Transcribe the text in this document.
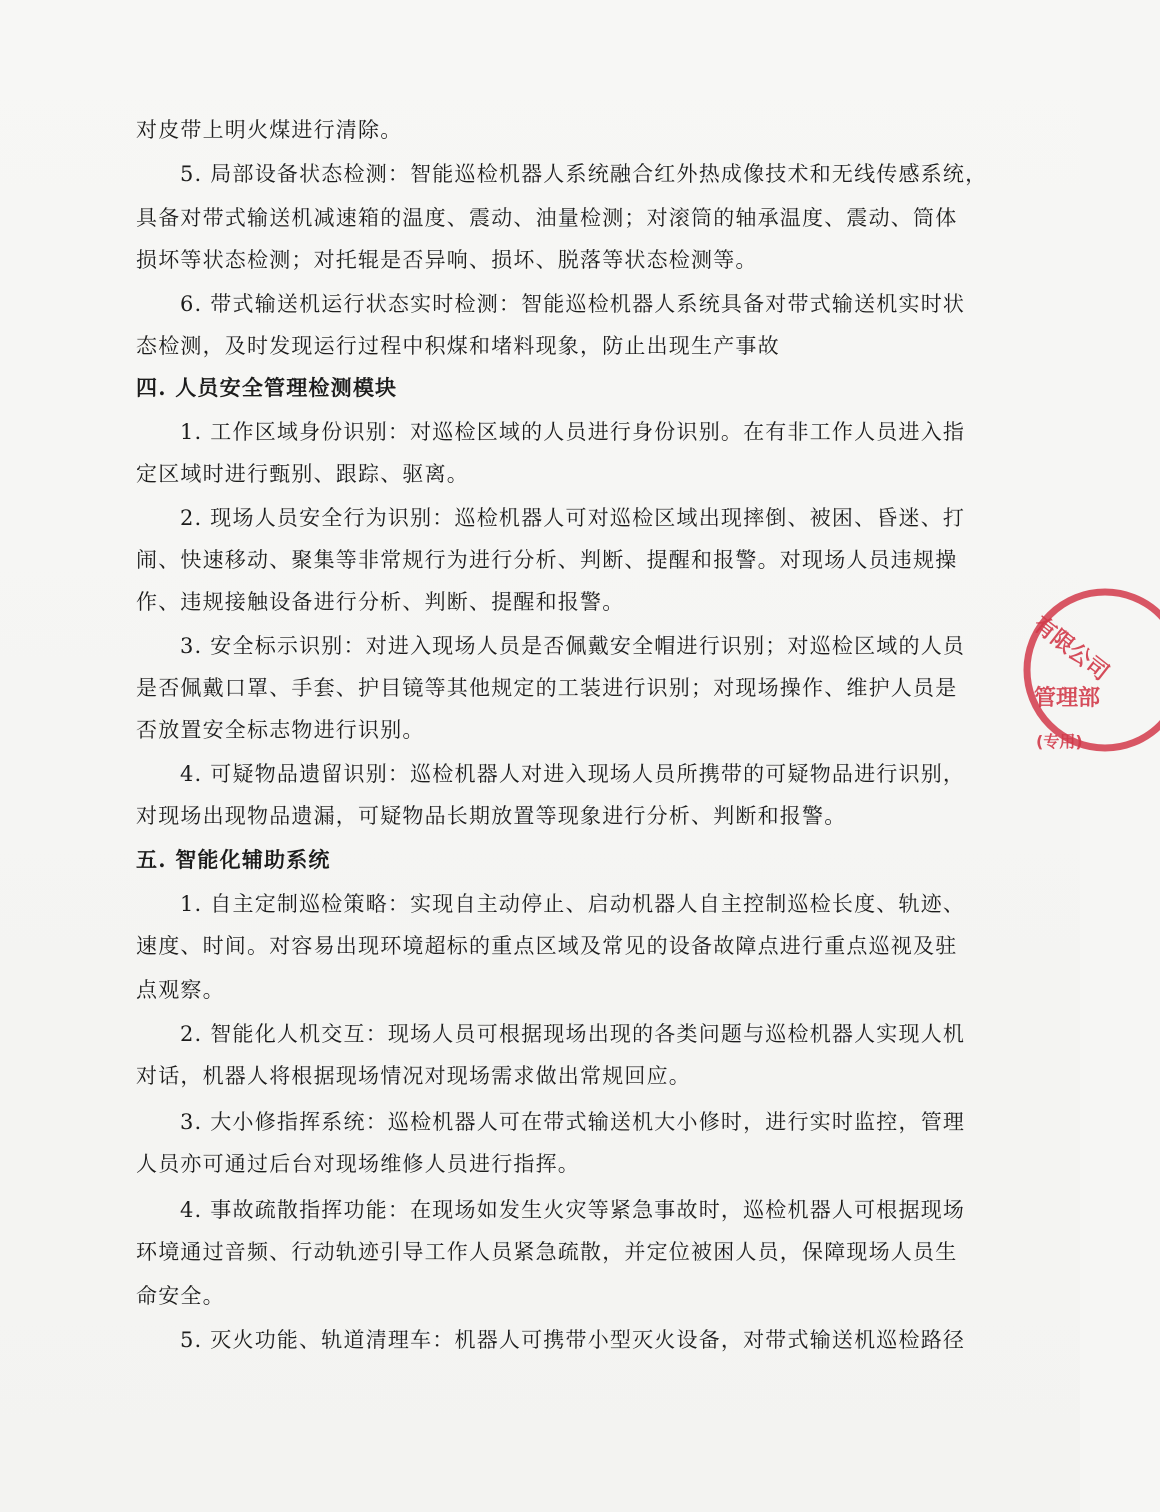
对皮带上明火煤进行清除。
5. 局部设备状态检测：智能巡检机器人系统融合红外热成像技术和无线传感系统，
具备对带式输送机减速箱的温度、震动、油量检测；对滚筒的轴承温度、震动、筒体
损坏等状态检测；对托辊是否异响、损坏、脱落等状态检测等。
6. 带式输送机运行状态实时检测：智能巡检机器人系统具备对带式输送机实时状
态检测，及时发现运行过程中积煤和堵料现象，防止出现生产事故
四. 人员安全管理检测模块
1. 工作区域身份识别：对巡检区域的人员进行身份识别。在有非工作人员进入指
定区域时进行甄别、跟踪、驱离。
2. 现场人员安全行为识别：巡检机器人可对巡检区域出现摔倒、被困、昏迷、打
闹、快速移动、聚集等非常规行为进行分析、判断、提醒和报警。对现场人员违规操
作、违规接触设备进行分析、判断、提醒和报警。
3. 安全标示识别：对进入现场人员是否佩戴安全帽进行识别；对巡检区域的人员
是否佩戴口罩、手套、护目镜等其他规定的工装进行识别；对现场操作、维护人员是
否放置安全标志物进行识别。
4. 可疑物品遗留识别：巡检机器人对进入现场人员所携带的可疑物品进行识别，
对现场出现物品遗漏，可疑物品长期放置等现象进行分析、判断和报警。
五. 智能化辅助系统
1. 自主定制巡检策略：实现自主动停止、启动机器人自主控制巡检长度、轨迹、
速度、时间。对容易出现环境超标的重点区域及常见的设备故障点进行重点巡视及驻
点观察。
2. 智能化人机交互：现场人员可根据现场出现的各类问题与巡检机器人实现人机
对话，机器人将根据现场情况对现场需求做出常规回应。
3. 大小修指挥系统：巡检机器人可在带式输送机大小修时，进行实时监控，管理
人员亦可通过后台对现场维修人员进行指挥。
4. 事故疏散指挥功能：在现场如发生火灾等紧急事故时，巡检机器人可根据现场
环境通过音频、行动轨迹引导工作人员紧急疏散，并定位被困人员，保障现场人员生
命安全。
5. 灭火功能、轨道清理车：机器人可携带小型灭火设备，对带式输送机巡检路径
有限公司
管理部
(专用)
